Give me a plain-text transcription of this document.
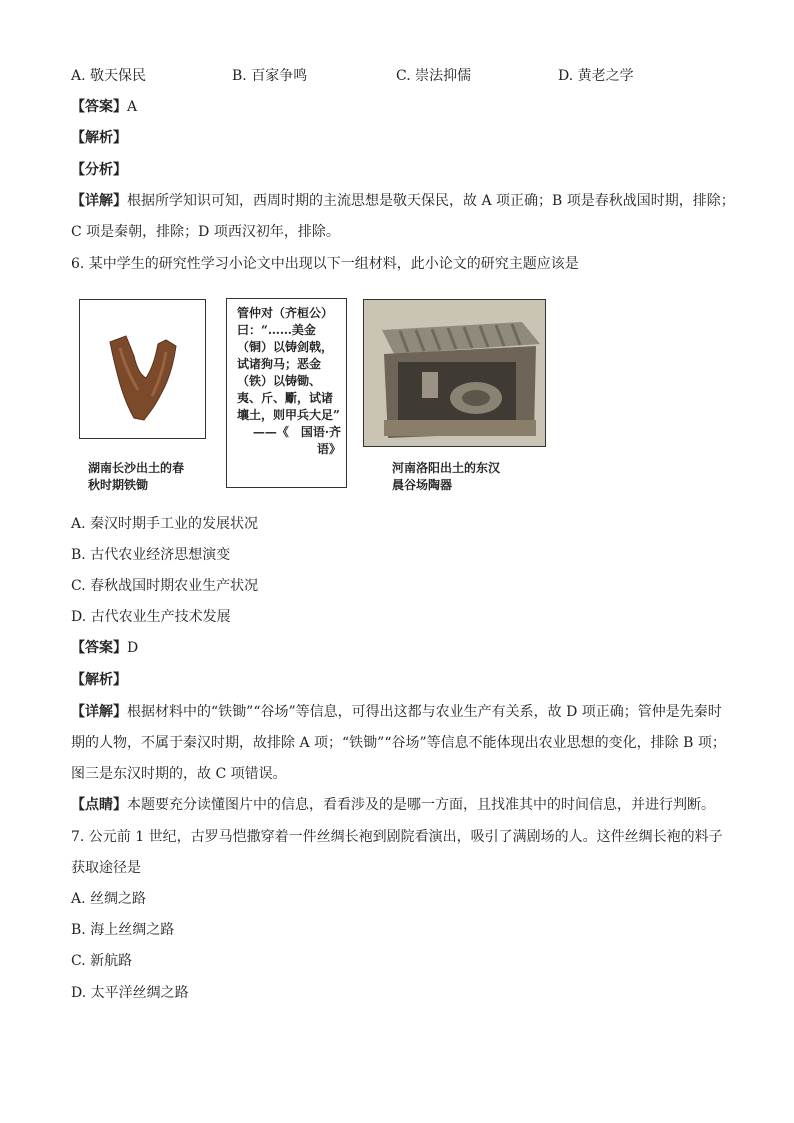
A. 敬天保民	B. 百家争鸣	C. 崇法抑儒	D. 黄老之学
【答案】A
【解析】
【分析】
【详解】根据所学知识可知，西周时期的主流思想是敬天保民，故 A 项正确；B 项是春秋战国时期，排除；
C 项是秦朝，排除；D 项西汉初年，排除。
6. 某中学生的研究性学习小论文中出现以下一组材料，此小论文的研究主题应该是
湖南长沙出土的春
秋时期铁锄
管仲对（齐桓公）曰：“……美金（铜）以铸剑戟，试诸狗马；恶金（铁）以铸锄、夷、斤、斸，试诸壤土，则甲兵大足”
——《　国语·齐语》
河南洛阳出土的东汉
晨谷场陶器
A. 秦汉时期手工业的发展状况
B. 古代农业经济思想演变
C. 春秋战国时期农业生产状况
D. 古代农业生产技术发展
【答案】D
【解析】
【详解】根据材料中的“铁锄”“谷场”等信息，可得出这都与农业生产有关系，故 D 项正确；管仲是先秦时
期的人物，不属于秦汉时期，故排除 A 项；“铁锄”“谷场”等信息不能体现出农业思想的变化，排除 B 项；
图三是东汉时期的，故 C 项错误。
【点睛】本题要充分读懂图片中的信息，看看涉及的是哪一方面，且找准其中的时间信息，并进行判断。
7. 公元前 1 世纪，古罗马恺撒穿着一件丝绸长袍到剧院看演出，吸引了满剧场的人。这件丝绸长袍的料子
获取途径是
A. 丝绸之路
B. 海上丝绸之路
C. 新航路
D. 太平洋丝绸之路
